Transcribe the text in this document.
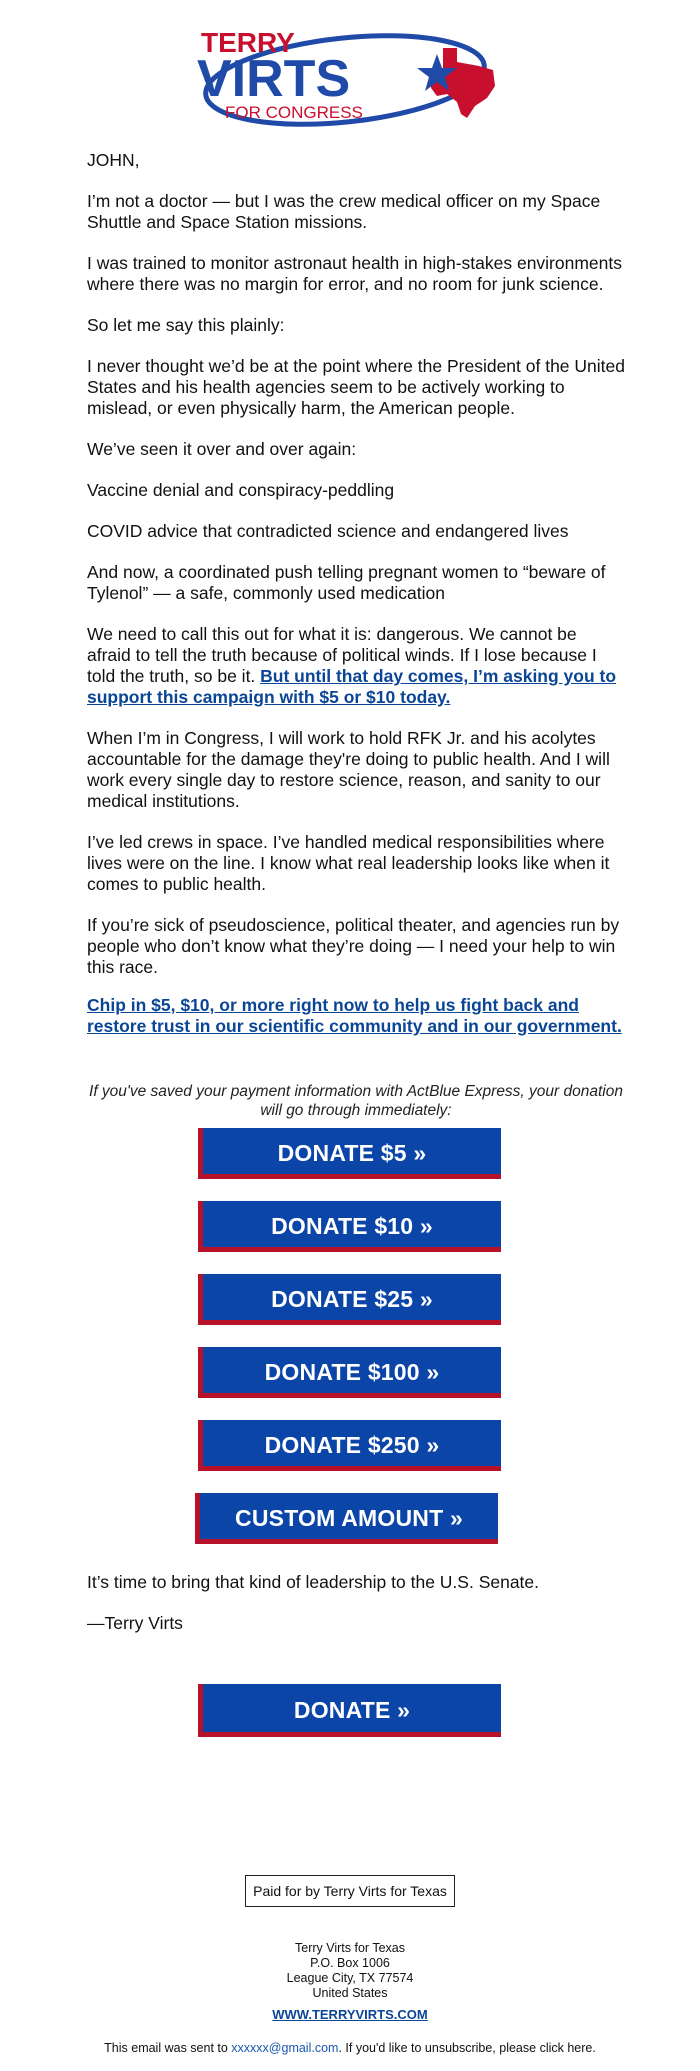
TERRY
VIRTS
FOR CONGRESS

JOHN,

I’m not a doctor — but I was the crew medical officer on my Space Shuttle and Space Station missions.

I was trained to monitor astronaut health in high-stakes environments where there was no margin for error, and no room for junk science.

So let me say this plainly:

I never thought we’d be at the point where the President of the United States and his health agencies seem to be actively working to mislead, or even physically harm, the American people.

We’ve seen it over and over again:

Vaccine denial and conspiracy-peddling

COVID advice that contradicted science and endangered lives

And now, a coordinated push telling pregnant women to “beware of Tylenol” — a safe, commonly used medication

We need to call this out for what it is: dangerous. We cannot be afraid to tell the truth because of political winds. If I lose because I told the truth, so be it. But until that day comes, I’m asking you to support this campaign with $5 or $10 today.

When I’m in Congress, I will work to hold RFK Jr. and his acolytes accountable for the damage they're doing to public health. And I will work every single day to restore science, reason, and sanity to our medical institutions.

I’ve led crews in space. I’ve handled medical responsibilities where lives were on the line. I know what real leadership looks like when it comes to public health.

If you’re sick of pseudoscience, political theater, and agencies run by people who don’t know what they’re doing — I need your help to win this race.

Chip in $5, $10, or more right now to help us fight back and restore trust in our scientific community and in our government.
If you've saved your payment information with ActBlue Express, your donation will go through immediately:
DONATE $5 »
DONATE $10 »
DONATE $25 »
DONATE $100 »
DONATE $250 »
CUSTOM AMOUNT »

It’s time to bring that kind of leadership to the U.S. Senate.

—Terry Virts

DONATE »
Paid for by Terry Virts for Texas
Terry Virts for Texas
P.O. Box 1006
League City, TX 77574
United States
WWW.TERRYVIRTS.COM
This email was sent to xxxxxx@gmail.com. If you'd like to unsubscribe, please click here.
